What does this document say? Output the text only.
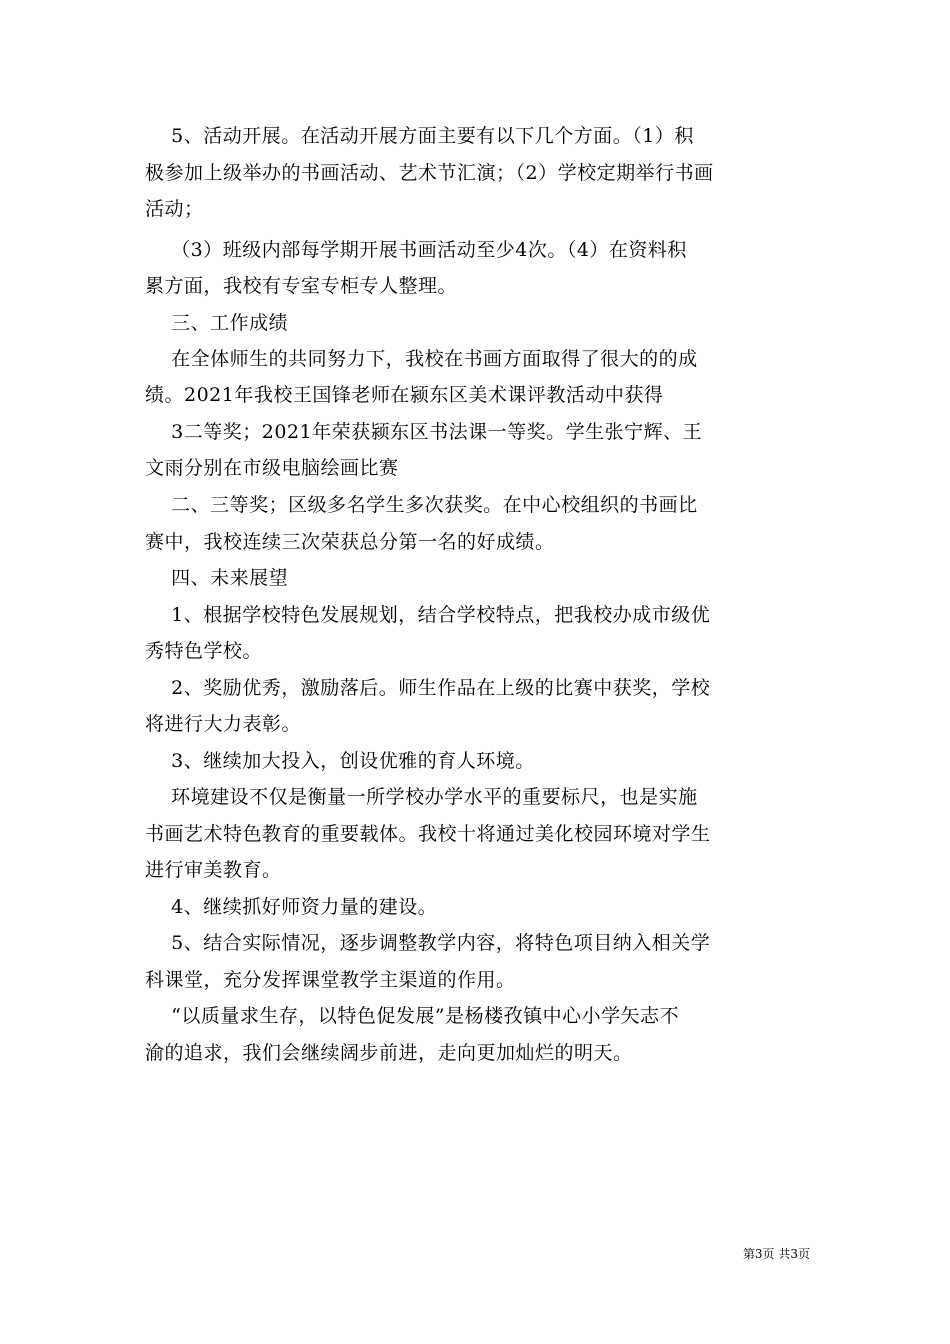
5、活动开展。在活动开展方面主要有以下几个方面。（1）积
极参加上级举办的书画活动、艺术节汇演；（2）学校定期举行书画
活动；
（3）班级内部每学期开展书画活动至少4次。（4）在资料积
累方面，我校有专室专柜专人整理。
三、工作成绩
在全体师生的共同努力下，我校在书画方面取得了很大的的成
绩。2021年我校王国锋老师在颍东区美术课评教活动中获得
3二等奖；2021年荣获颍东区书法课一等奖。学生张宁辉、王
文雨分别在市级电脑绘画比赛
二、三等奖；区级多名学生多次获奖。在中心校组织的书画比
赛中，我校连续三次荣获总分第一名的好成绩。
四、未来展望
1、根据学校特色发展规划，结合学校特点，把我校办成市级优
秀特色学校。
2、奖励优秀，激励落后。师生作品在上级的比赛中获奖，学校
将进行大力表彰。
3、继续加大投入，创设优雅的育人环境。
环境建设不仅是衡量一所学校办学水平的重要标尺，也是实施
书画艺术特色教育的重要载体。我校十将通过美化校园环境对学生
进行审美教育。
4、继续抓好师资力量的建设。
5、结合实际情况，逐步调整教学内容，将特色项目纳入相关学
科课堂，充分发挥课堂教学主渠道的作用。
“以质量求生存，以特色促发展”是杨楼孜镇中心小学矢志不
渝的追求，我们会继续阔步前进，走向更加灿烂的明天。
第3页 共3页
